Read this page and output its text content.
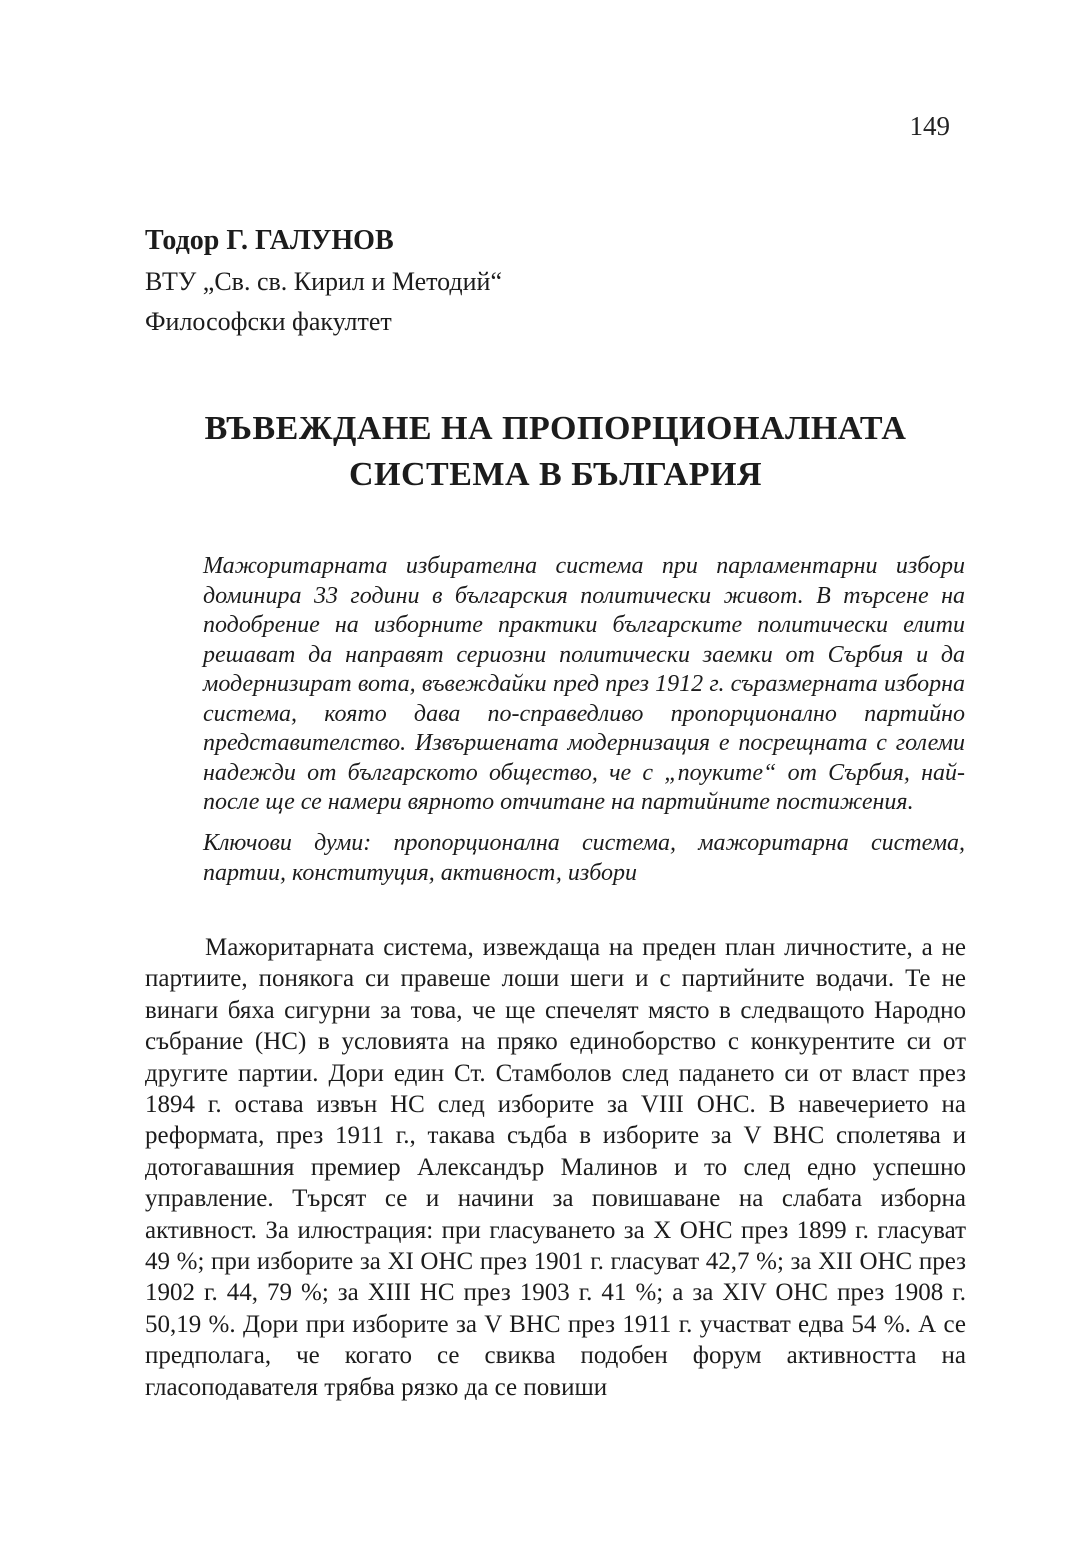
149
Тодор Г. ГАЛУНОВ
ВТУ „Св. св. Кирил и Методий“
Философски факултет
ВЪВЕЖДАНЕ НА ПРОПОРЦИОНАЛНАТА СИСТЕМА В БЪЛГАРИЯ

Мажоритарната избирателна система при парламентарни избори доминира 33 години в българския политически живот. В търсене на подобрение на изборните практики българските политически елити решават да направят сериозни политически заемки от Сърбия и да модернизират вота, въвеждайки пред през 1912 г. съразмерната изборна система, която дава по-справедливо пропорционално партийно представителство. Извършената модернизация е посрещната с големи надежди от българското общество, че с „поуките“ от Сърбия, най-после ще се намери вярното отчитане на партийните постижения.

Ключови думи: пропорционална система, мажоритарна система, партии, конституция, активност, избори

Мажоритарната система, извеждаща на преден план личностите, а не партиите, понякога си правеше лоши шеги и с партийните водачи. Те не винаги бяха сигурни за това, че ще спечелят място в следващото Народно събрание (НС) в условията на пряко единоборство с конкурентите си от другите партии. Дори един Ст. Стамболов след падането си от власт през 1894 г. остава извън НС след изборите за VIII ОНС. В навечерието на реформата, през 1911 г., такава съдба в изборите за V ВНС сполетява и дотогавашния премиер Александър Малинов и то след едно успешно управление. Търсят се и начини за повишаване на слабата изборна активност. За илюстрация: при гласуването за X ОНС през 1899 г. гласуват 49 %; при изборите за XI ОНС през 1901 г. гласуват 42,7 %; за XII ОНС през 1902 г. 44, 79 %; за XIII НС през 1903 г. 41 %; а за XIV ОНС през 1908 г. 50,19 %. Дори при изборите за V ВНС през 1911 г. участват едва 54 %. А се предполага, че когато се свиква подобен форум активността на гласоподавателя трябва рязко да се повиши
